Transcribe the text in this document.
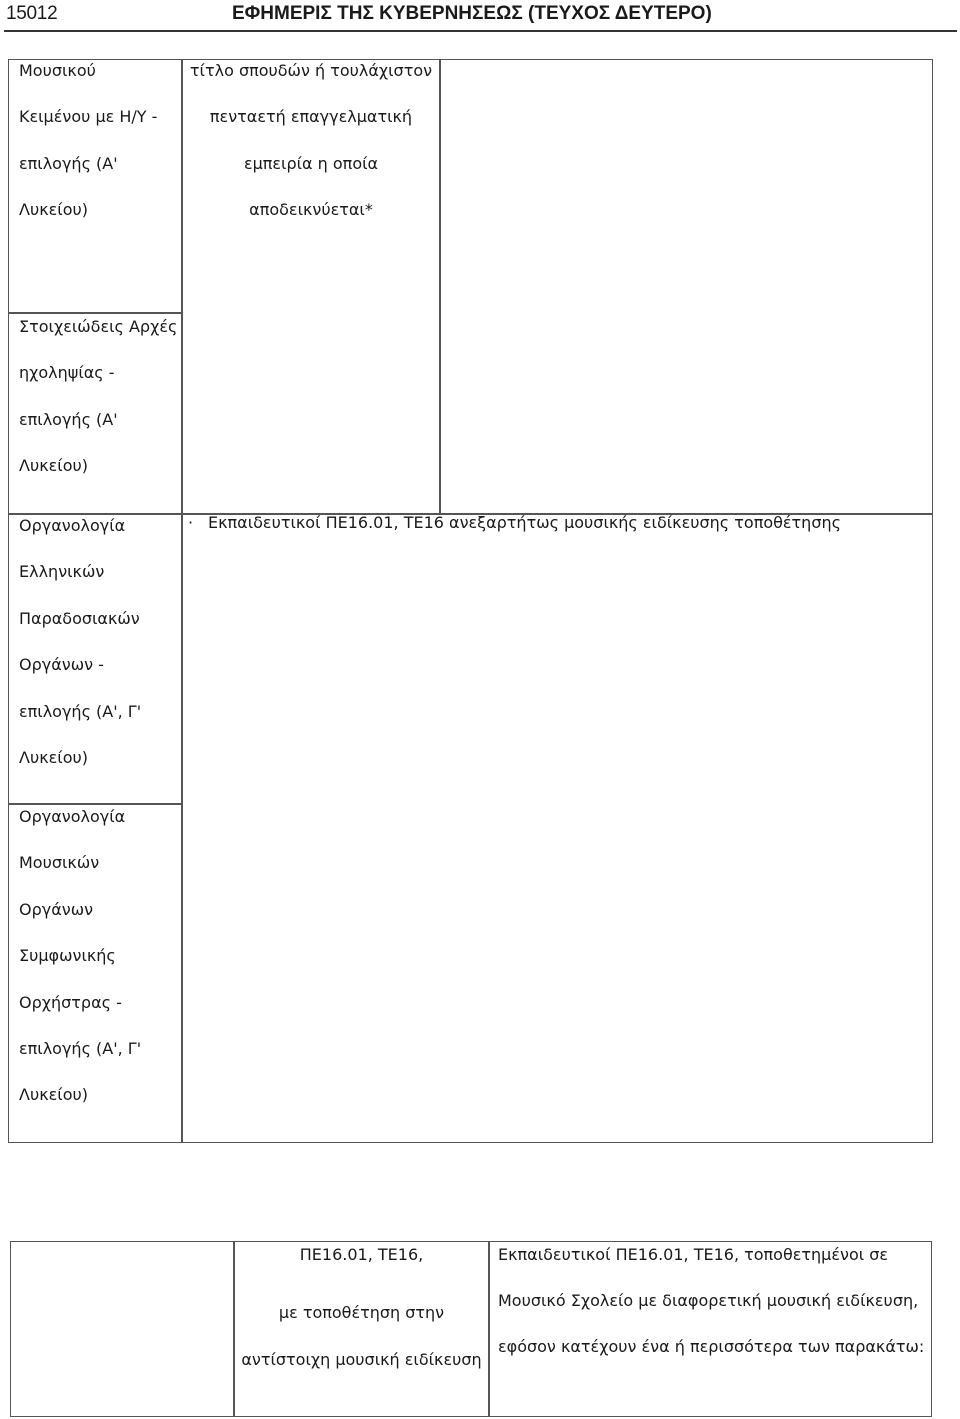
15012	ΕΦΗΜΕΡΙΣ ΤΗΣ ΚΥΒΕΡΝΗΣΕΩΣ (ΤΕΥΧΟΣ ΔΕΥΤΕΡΟ)
Μουσικού
Κειμένου με Η/Υ -
επιλογής (Α'
Λυκείου)
τίτλο σπουδών ή τουλάχιστον
πενταετή επαγγελματική
εμπειρία η οποία
αποδεικνύεται*
Στοιχειώδεις Αρχές
ηχοληψίας -
επιλογής (Α'
Λυκείου)
Οργανολογία
Ελληνικών
Παραδοσιακών
Οργάνων -
επιλογής (Α', Γ'
Λυκείου)
· Εκπαιδευτικοί ΠΕ16.01, ΤΕ16 ανεξαρτήτως μουσικής ειδίκευσης τοποθέτησης
Οργανολογία
Μουσικών
Οργάνων
Συμφωνικής
Ορχήστρας -
επιλογής (Α', Γ'
Λυκείου)
ΠΕ16.01, ΤΕ16,
με τοποθέτηση στην
αντίστοιχη μουσική ειδίκευση
Εκπαιδευτικοί ΠΕ16.01, ΤΕ16, τοποθετημένοι σε
Μουσικό Σχολείο με διαφορετική μουσική ειδίκευση,
εφόσον κατέχουν ένα ή περισσότερα των παρακάτω:
